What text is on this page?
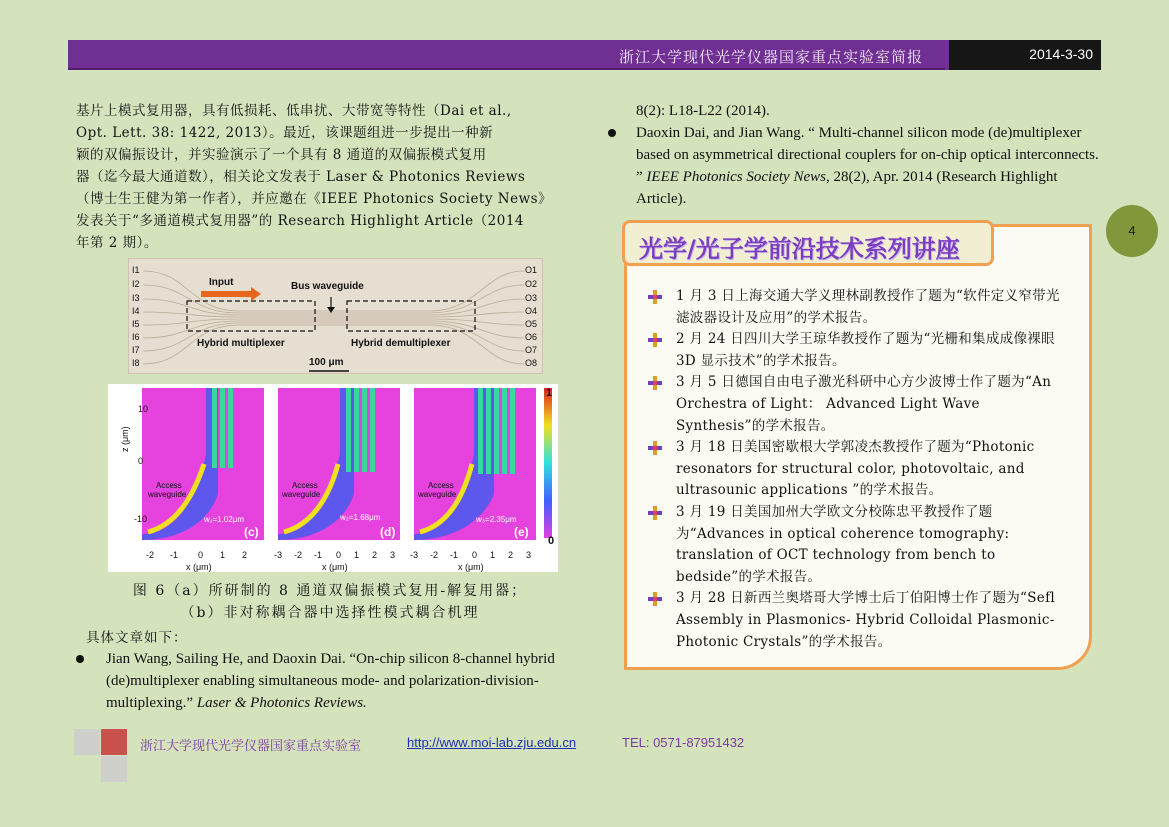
浙江大学现代光学仪器国家重点实验室简报	2014-3-30
4
基片上模式复用器，具有低损耗、低串扰、大带宽等特性（Dai et al.,
Opt. Lett. 38: 1422, 2013）。最近，该课题组进一步提出一种新
颖的双偏振设计，并实验演示了一个具有 8 通道的双偏振模式复用
器（迄今最大通道数），相关论文发表于 Laser & Photonics Reviews
（博士生王健为第一作者），并应邀在《IEEE Photonics Society News》
发表关于“多通道模式复用器”的 Research Highlight Article（2014
年第 2 期）。
I1
I2
I3
I4
I5
I6
I7
I8
O1
O2
O3
O4
O5
O6
O7
O8
Input	Bus waveguide
Hybrid multiplexer	Hybrid demultiplexer
100 μm
1
0
Access
waveguide
Access
waveguide
Access
waveguide
w₁=1.02μm	w₂=1.68μm	w₃=2.35μm
(c)	(d)	(e)
z (μm)
10
0
-10
x (μm)	x (μm)	x (μm)
-2 -1 0 1 2	-3 -2 -1 0 1 2 3 -3 -2 -1 0 1 2 3
图 6（a）所研制的 8 通道双偏振模式复用-解复用器；
（b）非对称耦合器中选择性模式耦合机理
具体文章如下：
Jian Wang, Sailing He, and Daoxin Dai. “On-chip silicon 8-channel hybrid (de)multiplexer enabling simultaneous mode- and polarization-division-multiplexing.” Laser & Photonics Reviews.
8(2): L18-L22 (2014).
Daoxin Dai, and Jian Wang. “ Multi-channel silicon mode (de)multiplexer based on asymmetrical directional couplers for on-chip optical interconnects. ” IEEE Photonics Society News, 28(2), Apr. 2014 (Research Highlight Article).
光学/光子学前沿技术系列讲座
1 月 3 日上海交通大学义理林副教授作了题为“软件定义窄带光滤波器设计及应用”的学术报告。
2 月 24 日四川大学王琼华教授作了题为“光栅和集成成像裸眼 3D 显示技术”的学术报告。
3 月 5 日德国自由电子激光科研中心方少波博士作了题为“An Orchestra of Light： Advanced Light Wave Synthesis”的学术报告。
3 月 18 日美国密歇根大学郭凌杰教授作了题为“Photonic resonators for structural color, photovoltaic, and ultrasounic applications ”的学术报告。
3 月 19 日美国加州大学欧文分校陈忠平教授作了题为“Advances in optical coherence tomography: translation of OCT technology from bench to bedside”的学术报告。
3 月 28 日新西兰奥塔哥大学博士后丁伯阳博士作了题为“Sefl Assembly in Plasmonics- Hybrid Colloidal Plasmonic-Photonic Crystals”的学术报告。
浙江大学现代光学仪器国家重点实验室	http://www.moi-lab.zju.edu.cn	TEL: 0571-87951432
